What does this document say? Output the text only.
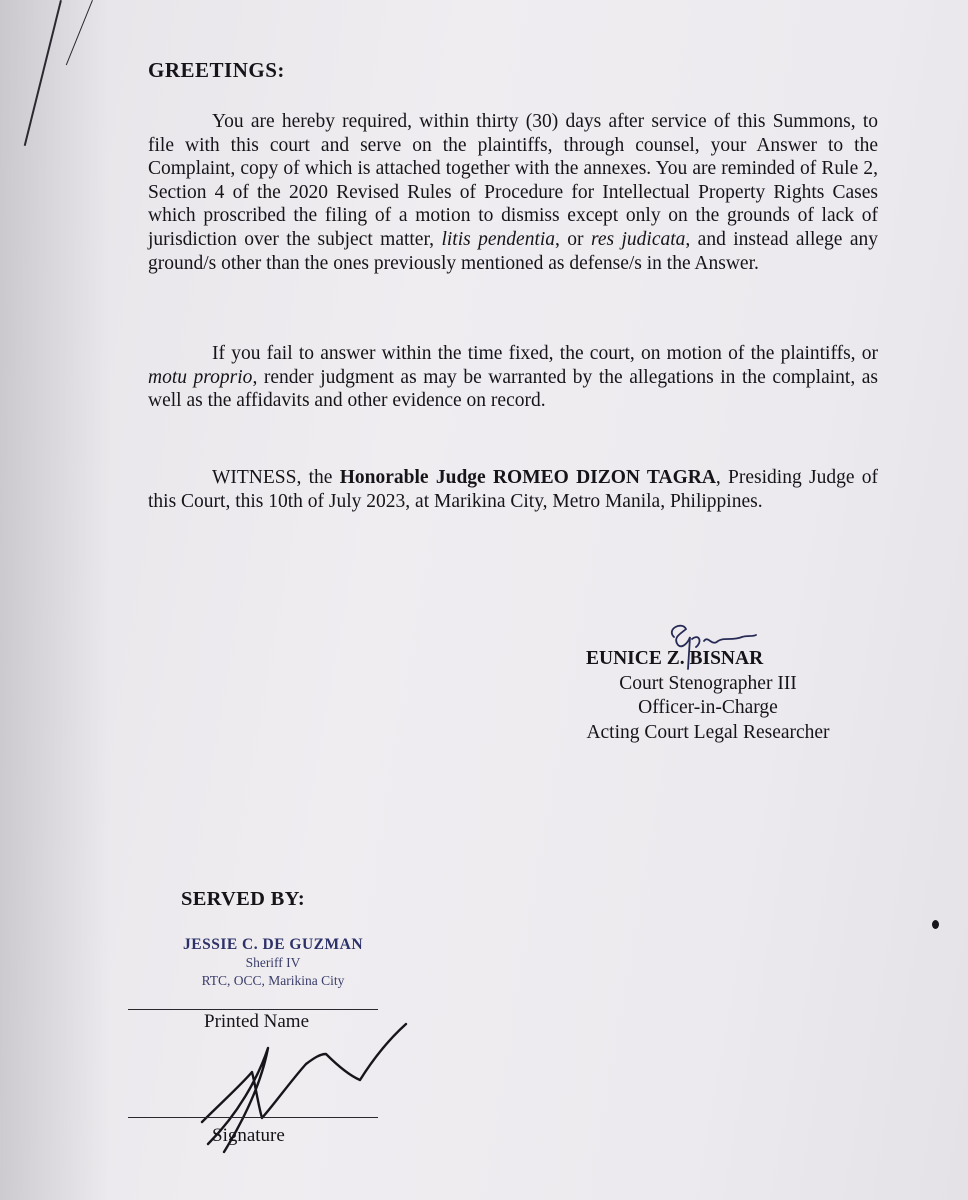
GREETINGS:

You are hereby required, within thirty (30) days after service of this Summons, to file with this court and serve on the plaintiffs, through counsel, your Answer to the Complaint, copy of which is attached together with the annexes. You are reminded of Rule 2, Section 4 of the 2020 Revised Rules of Procedure for Intellectual Property Rights Cases which proscribed the filing of a motion to dismiss except only on the grounds of lack of jurisdiction over the subject matter, litis pendentia, or res judicata, and instead allege any ground/s other than the ones previously mentioned as defense/s in the Answer.

If you fail to answer within the time fixed, the court, on motion of the plaintiffs, or motu proprio, render judgment as may be warranted by the allegations in the complaint, as well as the affidavits and other evidence on record.

WITNESS, the Honorable Judge ROMEO DIZON TAGRA, Presiding Judge of this Court, this 10th of July 2023, at Marikina City, Metro Manila, Philippines.

EUNICE Z. BISNAR
Court Stenographer III
Officer-in-Charge
Acting Court Legal Researcher
SERVED BY:
JESSIE C. DE GUZMAN
Sheriff IV
RTC, OCC, Marikina City
Printed Name
Signature
